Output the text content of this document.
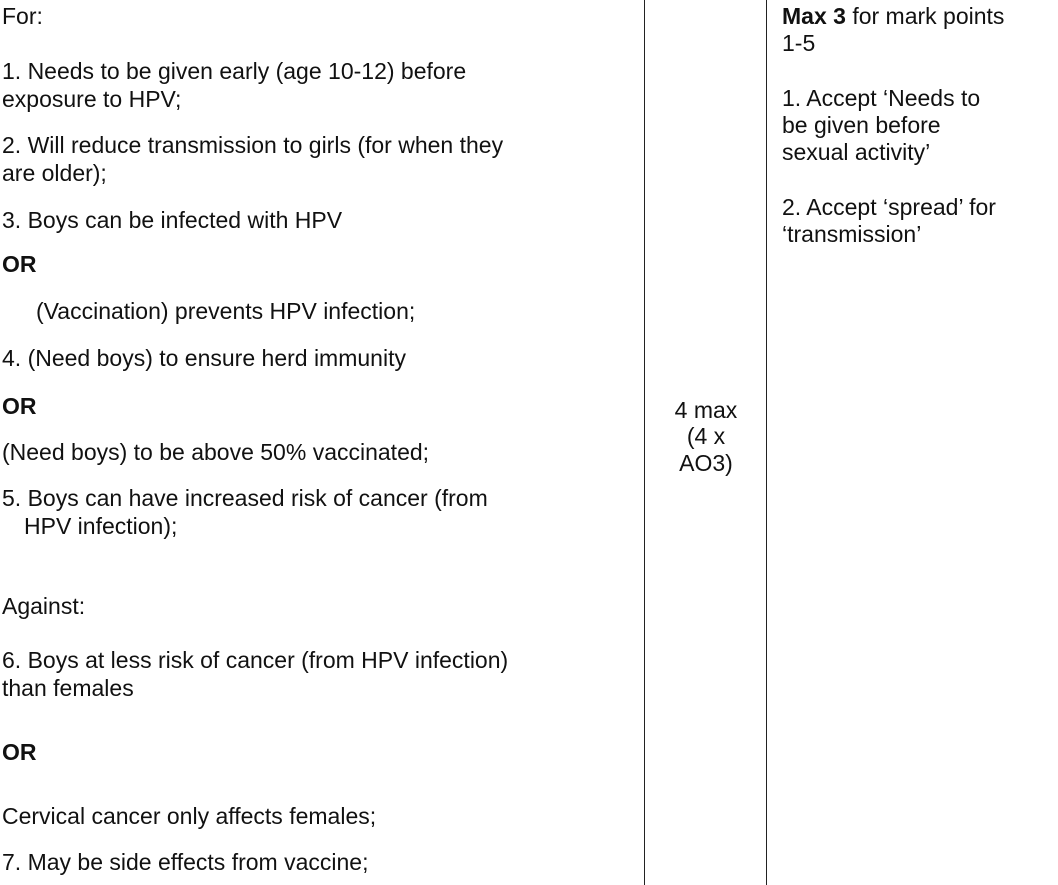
For:
1. Needs to be given early (age 10-12) before
exposure to HPV;
2. Will reduce transmission to girls (for when they
are older);
3. Boys can be infected with HPV
OR
(Vaccination) prevents HPV infection;
4. (Need boys) to ensure herd immunity
OR
(Need boys) to be above 50% vaccinated;
5. Boys can have increased risk of cancer (from
HPV infection);
Against:
6. Boys at less risk of cancer (from HPV infection)
than females
OR
Cervical cancer only affects females;
7. May be side effects from vaccine;
4 max
(4 x
AO3)
Max 3 for mark points
1-5
1. Accept ‘Needs to
be given before
sexual activity’
2. Accept ‘spread’ for
‘transmission’
